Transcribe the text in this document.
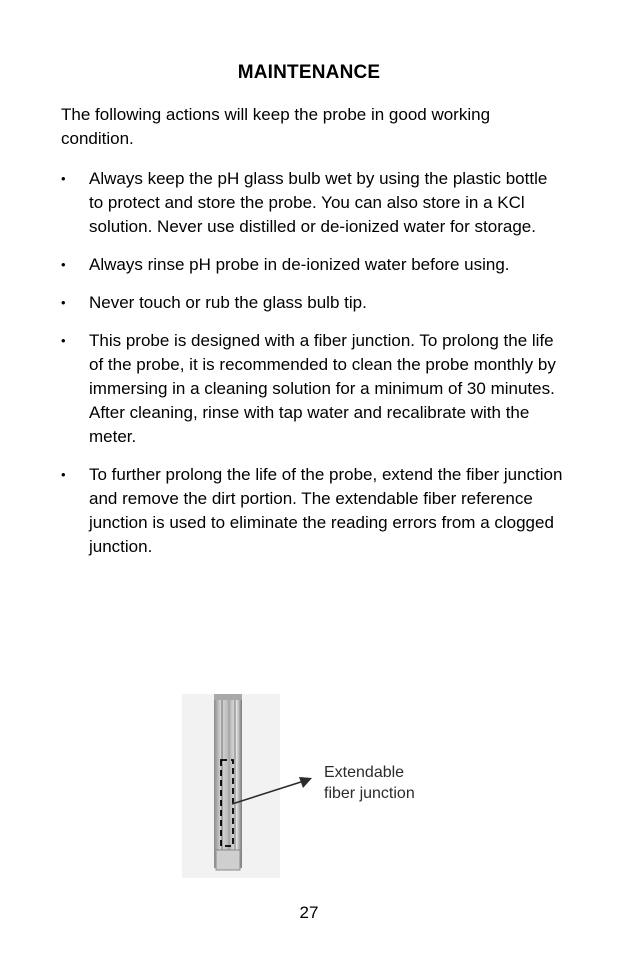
MAINTENANCE

The following actions will keep the probe in good working condition.

•	Always keep the pH glass bulb wet by using the plastic bottle to protect and store the probe. You can also store in a KCl solution. Never use distilled or de-ionized water for storage.
•	Always rinse pH probe in de-ionized water before using.
•	Never touch or rub the glass bulb tip.
•	This probe is designed with a fiber junction. To prolong the life of the probe, it is recommended to clean the probe monthly by immersing in a cleaning solution for a minimum of 30 minutes. After cleaning, rinse with tap water and recalibrate with the meter.
•	To further prolong the life of the probe, extend the fiber junction and remove the dirt portion. The extendable fiber reference junction is used to eliminate the reading errors from a clogged junction.
Extendable
fiber junction
27
